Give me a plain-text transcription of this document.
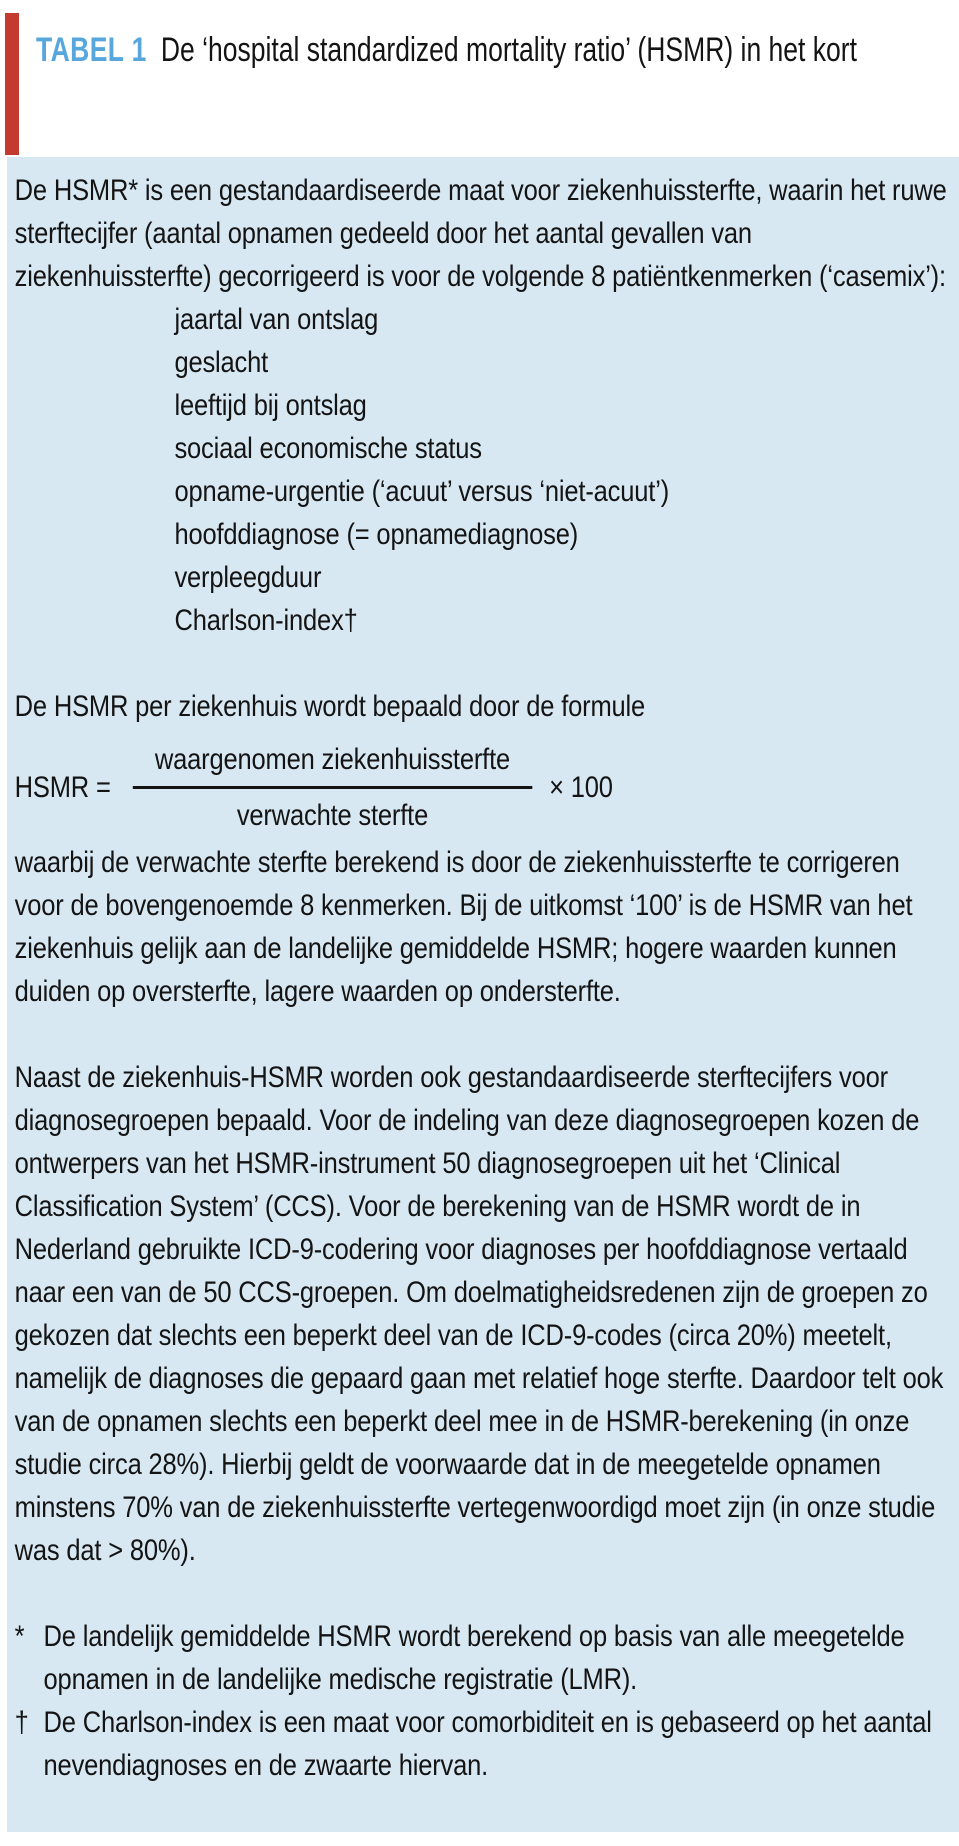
TABEL 1 De ‘hospital standardized mortality ratio’ (HSMR) in het kort

De HSMR* is een gestandaardiseerde maat voor ziekenhuissterfte, waarin het ruwe sterftecijfer (aantal opnamen gedeeld door het aantal gevallen van ziekenhuissterfte) gecorrigeerd is voor de volgende 8 patiëntkenmerken (‘casemix’):

jaartal van ontslag
geslacht
leeftijd bij ontslag
sociaal economische status
opname-urgentie (‘acuut’ versus ‘niet-acuut’)
hoofddiagnose (= opnamediagnose)
verpleegduur
Charlson-index†

De HSMR per ziekenhuis wordt bepaald door de formule

HSMR = $\frac{\text{waargenomen ziekenhuissterfte}}{\text{verwachte sterfte}} \times 100$

waarbij de verwachte sterfte berekend is door de ziekenhuissterfte te corrigeren voor de bovengenoemde 8 kenmerken. Bij de uitkomst ‘100’ is de HSMR van het ziekenhuis gelijk aan de landelijke gemiddelde HSMR; hogere waarden kunnen duiden op oversterfte, lagere waarden op ondersterfte.

Naast de ziekenhuis-HSMR worden ook gestandaardiseerde sterftecijfers voor diagnosegroepen bepaald. Voor de indeling van deze diagnosegroepen kozen de ontwerpers van het HSMR-instrument 50 diagnosegroepen uit het ‘Clinical Classification System’ (CCS). Voor de berekening van de HSMR wordt de in Nederland gebruikte ICD-9-codering voor diagnoses per hoofddiagnose vertaald naar een van de 50 CCS-groepen. Om doelmatigheidsredenen zijn de groepen zo gekozen dat slechts een beperkt deel van de ICD-9-codes (circa 20%) meetelt, namelijk de diagnoses die gepaard gaan met relatief hoge sterfte. Daardoor telt ook van de opnamen slechts een beperkt deel mee in de HSMR-berekening (in onze studie circa 28%). Hierbij geldt de voorwaarde dat in de meegetelde opnamen minstens 70% van de ziekenhuissterfte vertegenwoordigd moet zijn (in onze studie was dat > 80%).

* De landelijk gemiddelde HSMR wordt berekend op basis van alle meegetelde opnamen in de landelijke medische registratie (LMR).
† De Charlson-index is een maat voor comorbiditeit en is gebaseerd op het aantal nevendiagnoses en de zwaarte hiervan.
